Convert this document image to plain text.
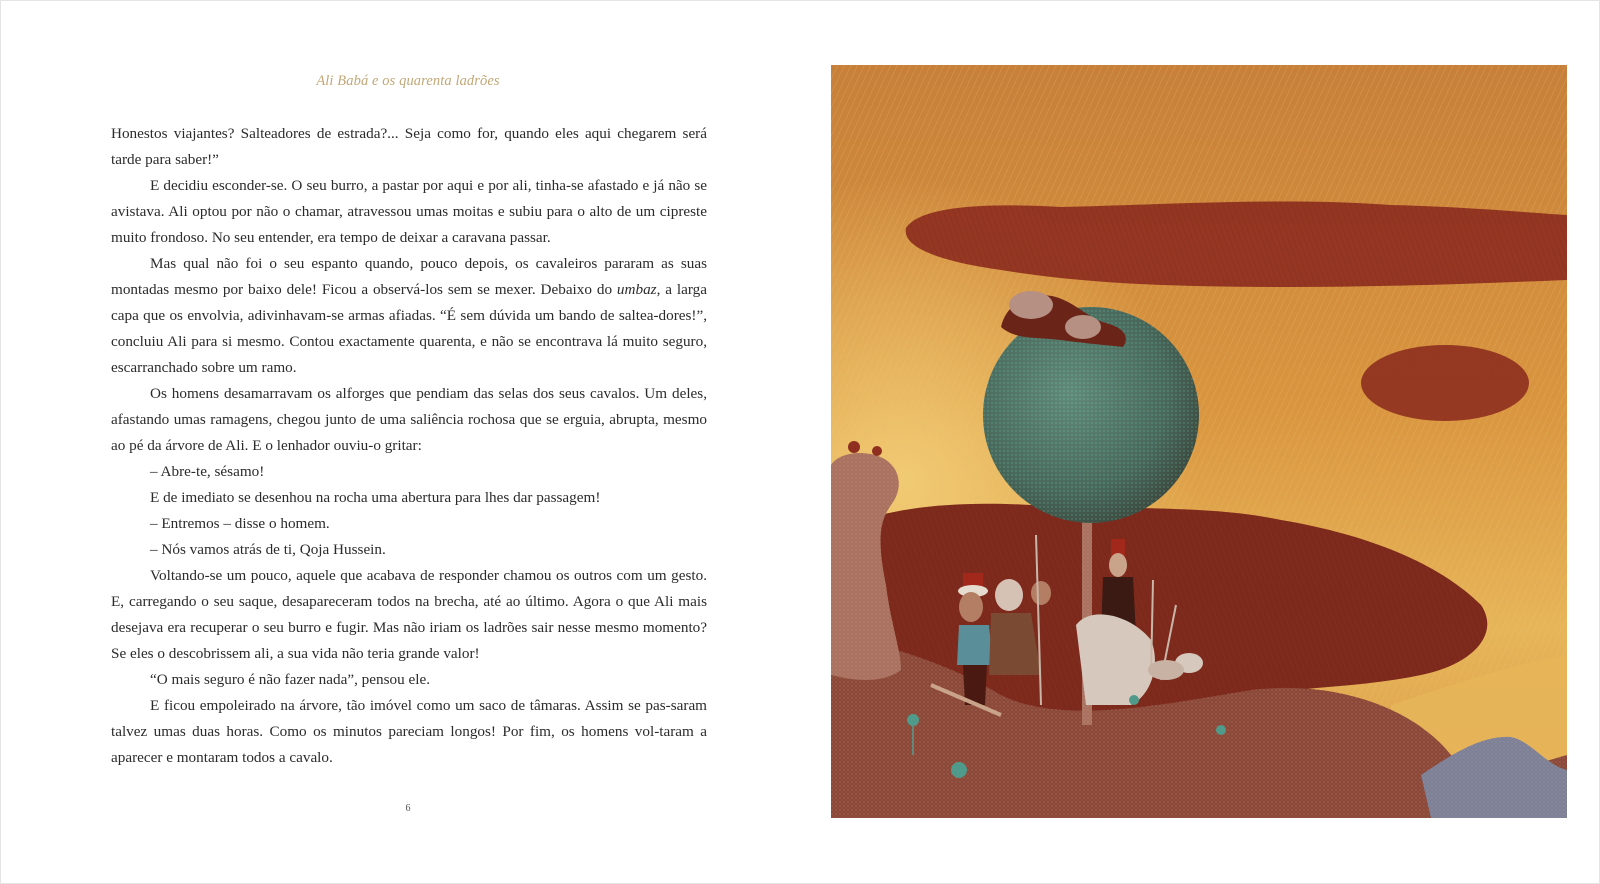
Ali Babá e os quarenta ladrões

Honestos viajantes? Salteadores de estrada?... Seja como for, quando eles aqui chegarem será tarde para saber!”

E decidiu esconder-se. O seu burro, a pastar por aqui e por ali, tinha-se afastado e já não se avistava. Ali optou por não o chamar, atravessou umas moitas e subiu para o alto de um cipreste muito frondoso. No seu entender, era tempo de deixar a caravana passar.

Mas qual não foi o seu espanto quando, pouco depois, os cavaleiros pararam as suas montadas mesmo por baixo dele! Ficou a observá-los sem se mexer. Debaixo do umbaz, a larga capa que os envolvia, adivinhavam-se armas afiadas. “É sem dúvida um bando de saltea-dores!”, concluiu Ali para si mesmo. Contou exactamente quarenta, e não se encontrava lá muito seguro, escarranchado sobre um ramo.

Os homens desamarravam os alforges que pendiam das selas dos seus cavalos. Um deles, afastando umas ramagens, chegou junto de uma saliência rochosa que se erguia, abrupta, mesmo ao pé da árvore de Ali. E o lenhador ouviu-o gritar:

– Abre-te, sésamo!

E de imediato se desenhou na rocha uma abertura para lhes dar passagem!

– Entremos – disse o homem.

– Nós vamos atrás de ti, Qoja Hussein.

Voltando-se um pouco, aquele que acabava de responder chamou os outros com um gesto. E, carregando o seu saque, desapareceram todos na brecha, até ao último. Agora o que Ali mais desejava era recuperar o seu burro e fugir. Mas não iriam os ladrões sair nesse mesmo momento? Se eles o descobrissem ali, a sua vida não teria grande valor!

“O mais seguro é não fazer nada”, pensou ele.

E ficou empoleirado na árvore, tão imóvel como um saco de tâmaras. Assim se pas-saram talvez umas duas horas. Como os minutos pareciam longos! Por fim, os homens vol-taram a aparecer e montaram todos a cavalo.

6
